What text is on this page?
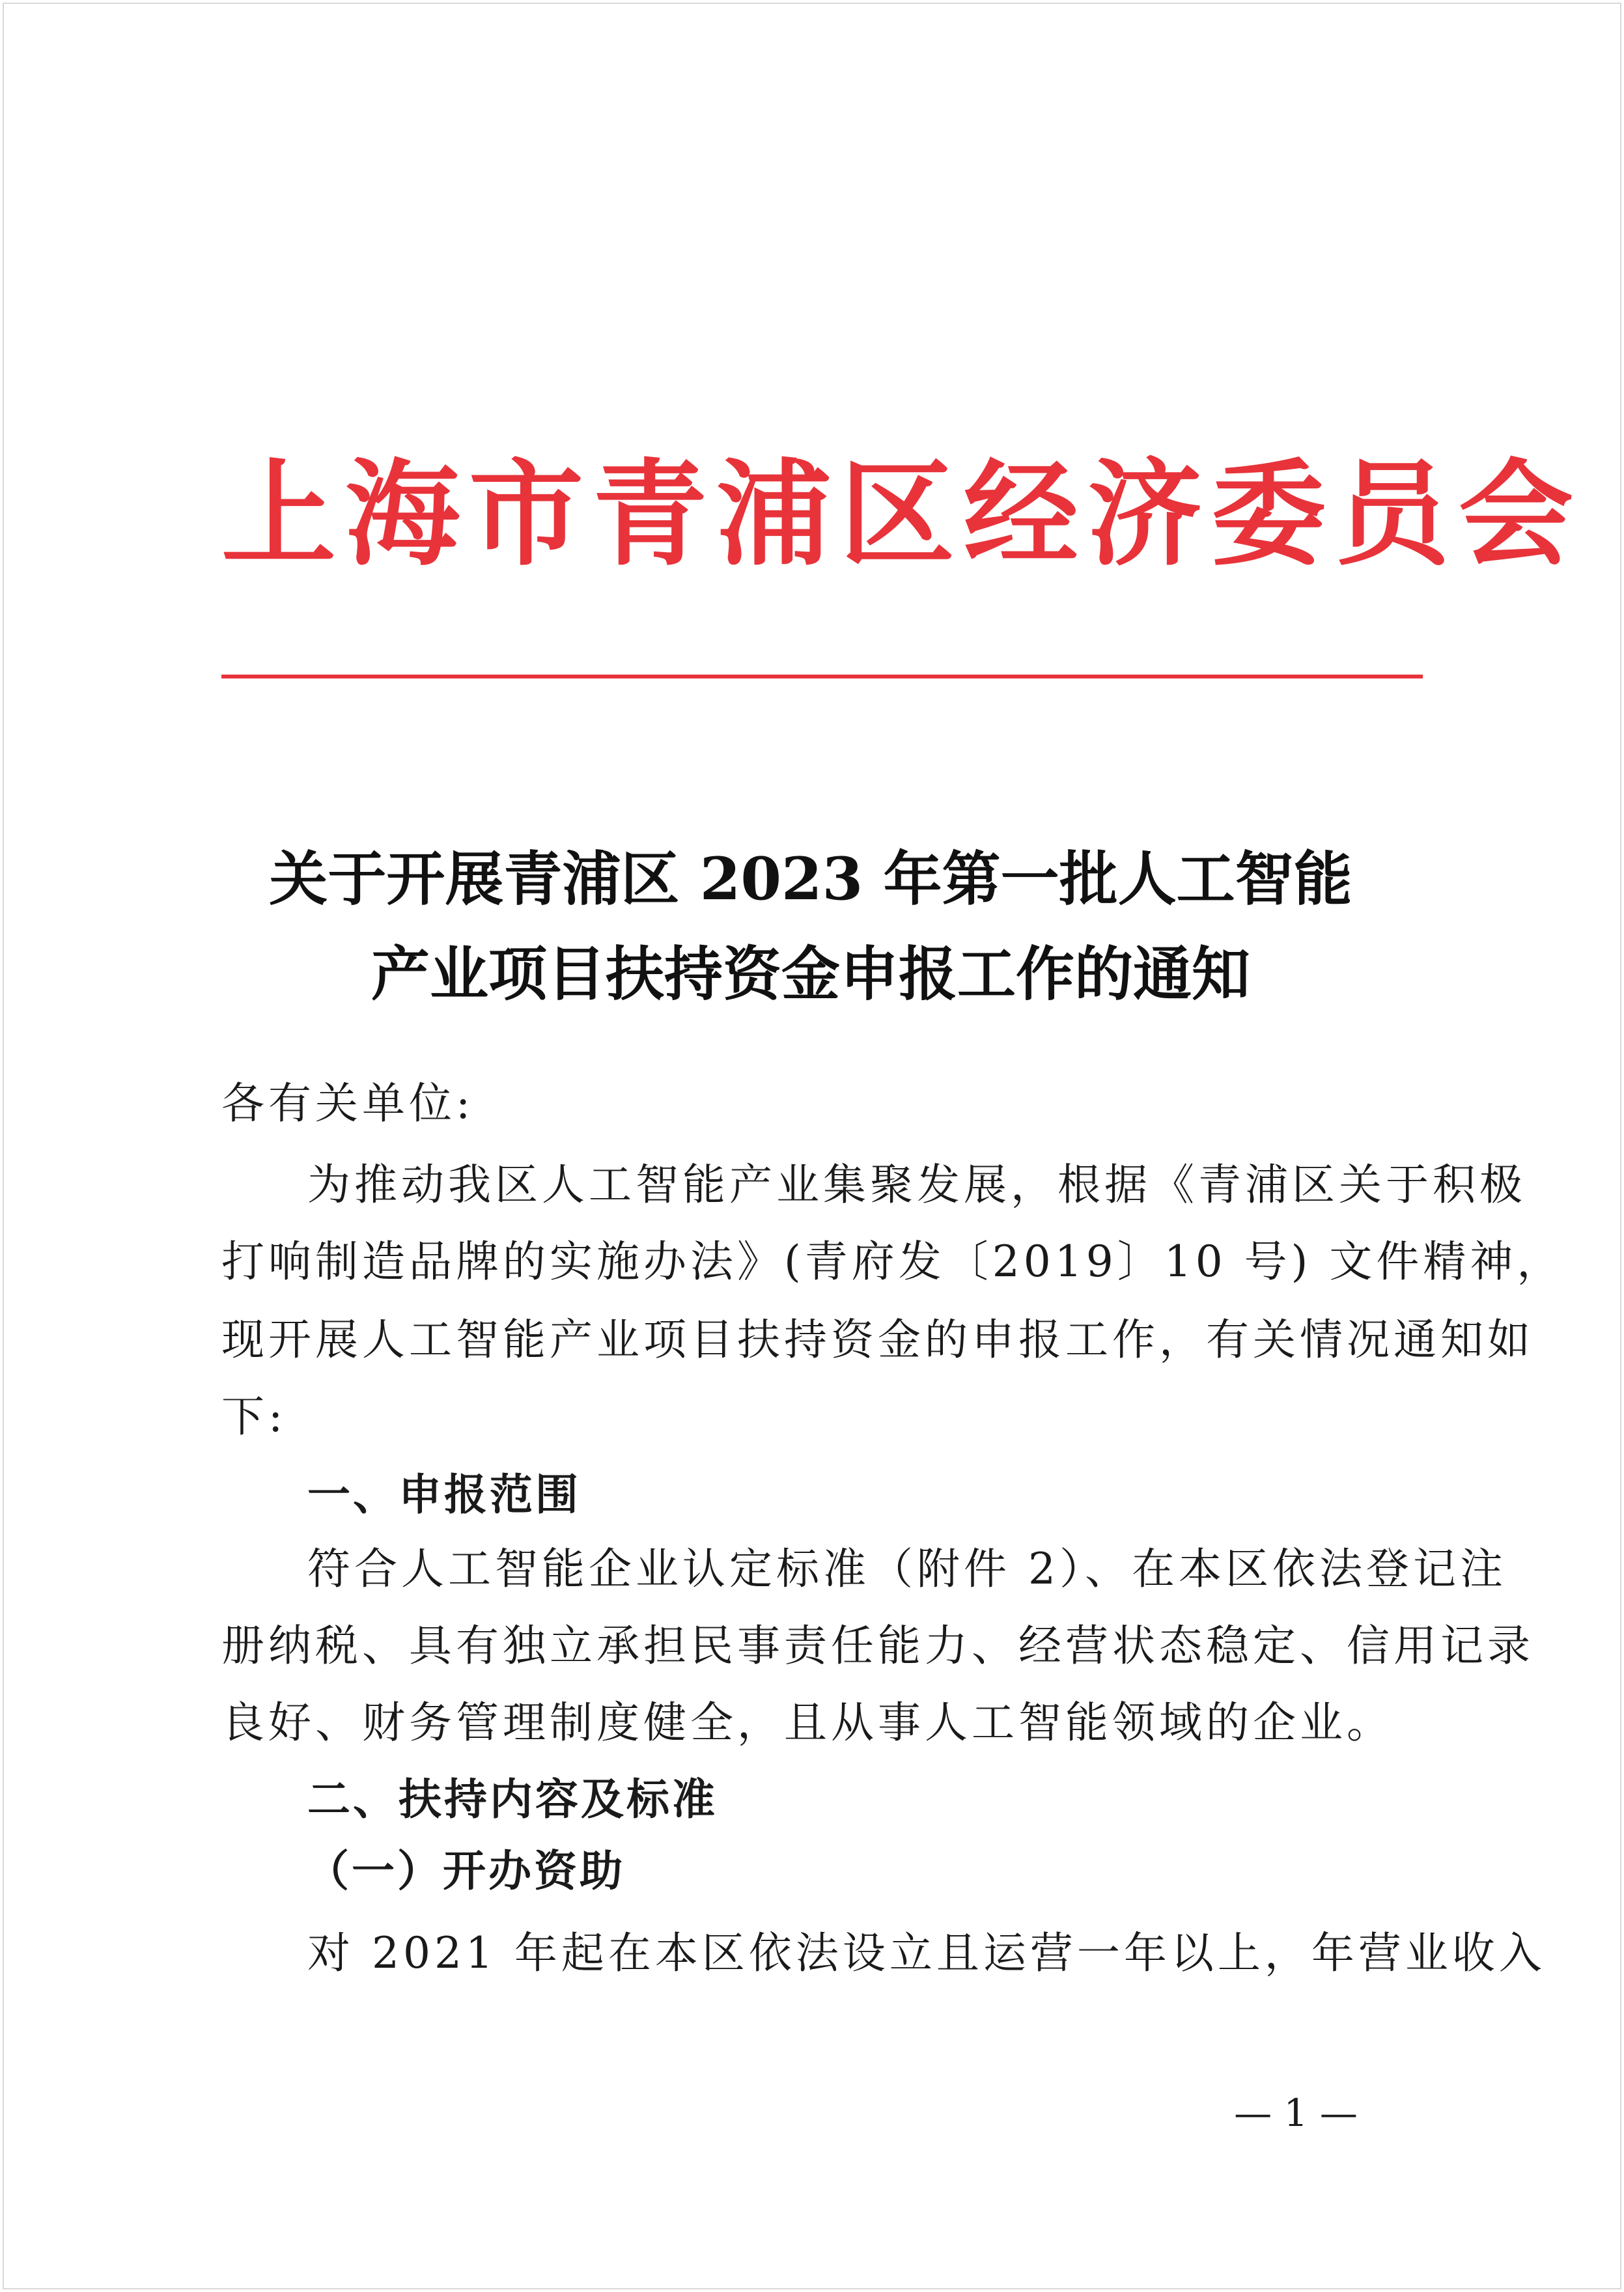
上海市青浦区经济委员会
关于开展青浦区 2023 年第一批人工智能
产业项目扶持资金申报工作的通知
各有关单位:
为推动我区人工智能产业集聚发展，根据《青浦区关于积极
打响制造品牌的实施办法》(青府发〔2019〕10 号) 文件精神，
现开展人工智能产业项目扶持资金的申报工作，有关情况通知如
下:
一、申报范围
符合人工智能企业认定标准（附件 2）、在本区依法登记注
册纳税、具有独立承担民事责任能力、经营状态稳定、信用记录
良好、财务管理制度健全，且从事人工智能领域的企业。
二、扶持内容及标准
（一）开办资助
对 2021 年起在本区依法设立且运营一年以上，年营业收入
— 1 —
